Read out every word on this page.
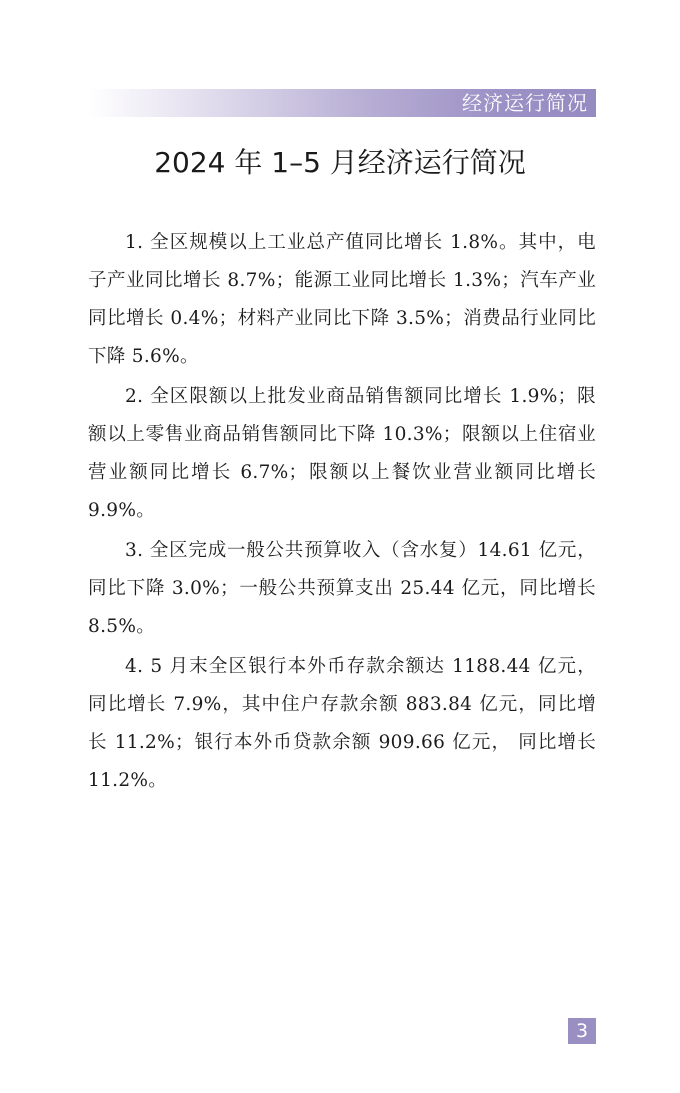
经济运行简况
2024 年 1–5 月经济运行简况

1. 全区规模以上工业总产值同比增长 1.8%。其中，电子产业同比增长 8.7%；能源工业同比增长 1.3%；汽车产业同比增长 0.4%；材料产业同比下降 3.5%；消费品行业同比下降 5.6%。

2. 全区限额以上批发业商品销售额同比增长 1.9%；限额以上零售业商品销售额同比下降 10.3%；限额以上住宿业营业额同比增长 6.7%；限额以上餐饮业营业额同比增长 9.9%。

3. 全区完成一般公共预算收入（含水复）14.61 亿元，同比下降 3.0%；一般公共预算支出 25.44 亿元，同比增长 8.5%。

4. 5 月末全区银行本外币存款余额达 1188.44 亿元，同比增长 7.9%，其中住户存款余额 883.84 亿元，同比增长 11.2%；银行本外币贷款余额 909.66 亿元， 同比增长 11.2%。

3
